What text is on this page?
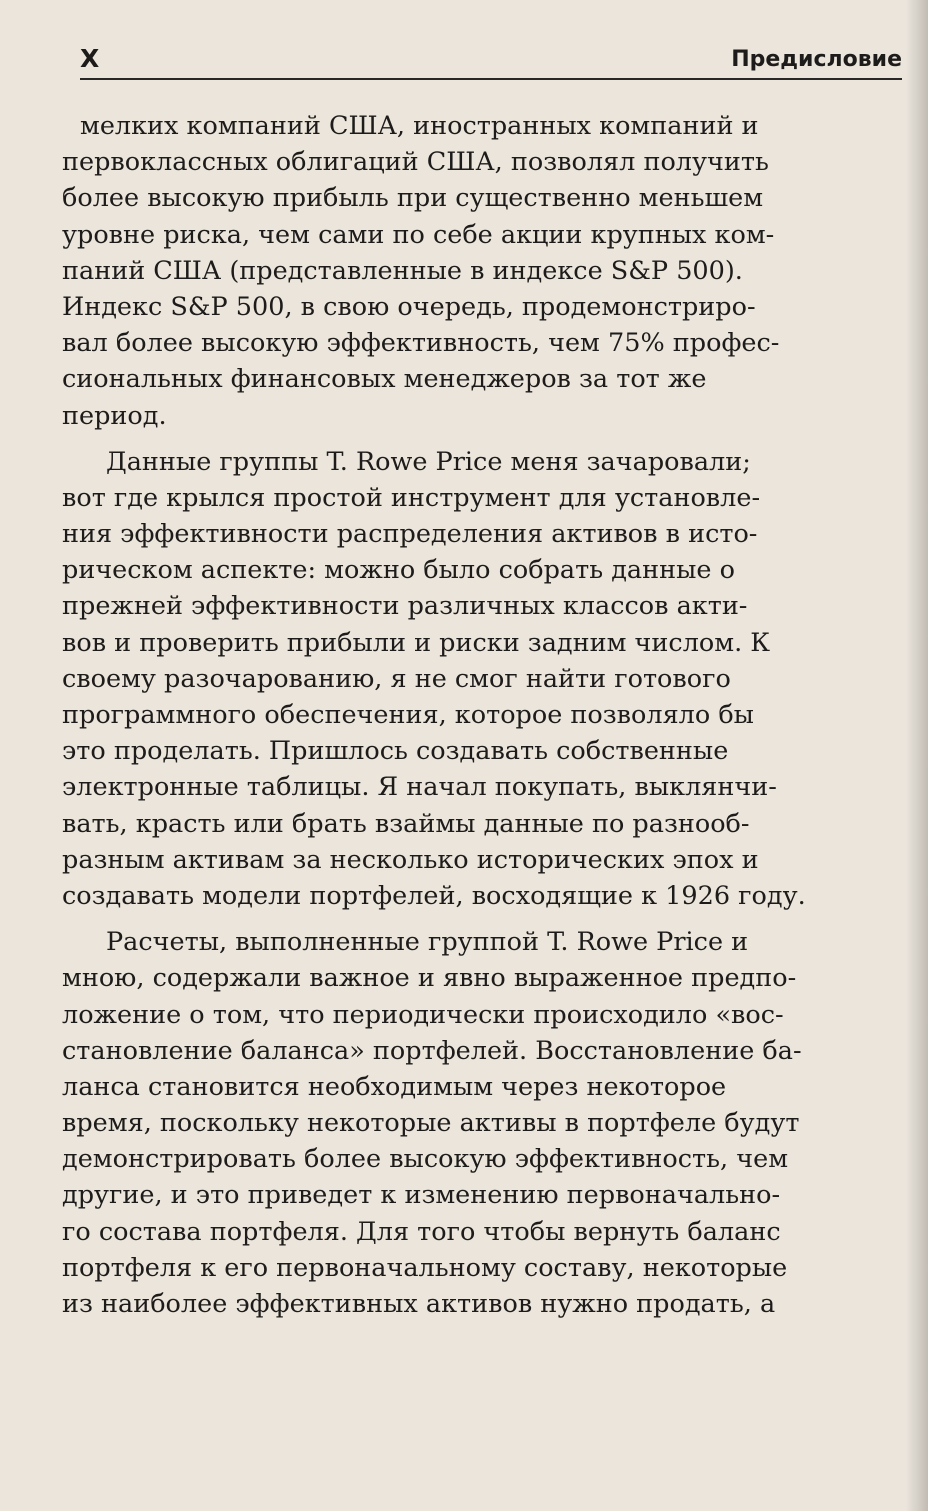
X	Предисловие

мелких компаний США, иностранных компаний и
первоклассных облигаций США, позволял получить
более высокую прибыль при существенно меньшем
уровне риска, чем сами по себе акции крупных ком-
паний США (представленные в индексе S&P 500).
Индекс S&P 500, в свою очередь, продемонстриро-
вал более высокую эффективность, чем 75% профес-
сиональных финансовых менеджеров за тот же
период.

Данные группы T. Rowe Price меня зачаровали;
вот где крылся простой инструмент для установле-
ния эффективности распределения активов в исто-
рическом аспекте: можно было собрать данные о
прежней эффективности различных классов акти-
вов и проверить прибыли и риски задним числом. К
своему разочарованию, я не смог найти готового
программного обеспечения, которое позволяло бы
это проделать. Пришлось создавать собственные
электронные таблицы. Я начал покупать, выклянчи-
вать, красть или брать взаймы данные по разнооб-
разным активам за несколько исторических эпох и
создавать модели портфелей, восходящие к 1926 году.

Расчеты, выполненные группой T. Rowe Price и
мною, содержали важное и явно выраженное предпо-
ложение о том, что периодически происходило «вос-
становление баланса» портфелей. Восстановление ба-
ланса становится необходимым через некоторое
время, поскольку некоторые активы в портфеле будут
демонстрировать более высокую эффективность, чем
другие, и это приведет к изменению первоначально-
го состава портфеля. Для того чтобы вернуть баланс
портфеля к его первоначальному составу, некоторые
из наиболее эффективных активов нужно продать, а
